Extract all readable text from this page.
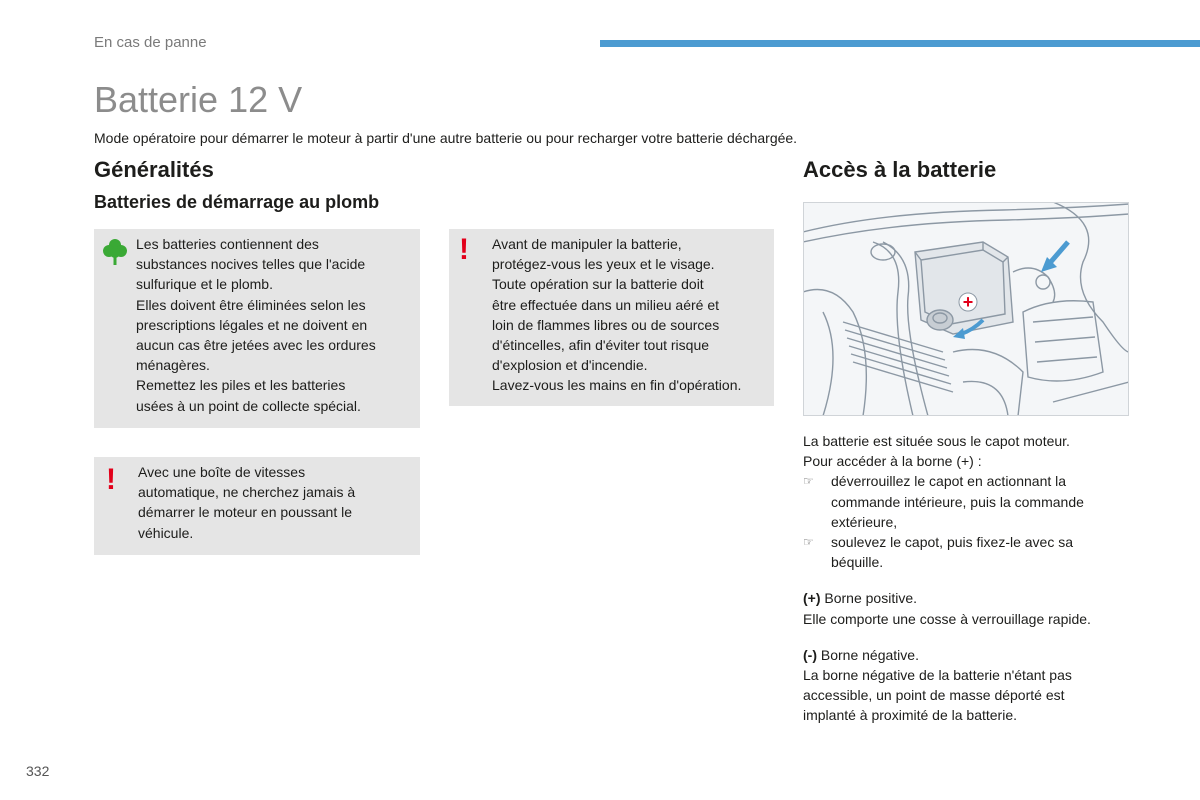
En cas de panne
Batterie 12 V
Mode opératoire pour démarrer le moteur à partir d'une autre batterie ou pour recharger votre batterie déchargée.
Généralités
Batteries de démarrage au plomb
Accès à la batterie
Les batteries contiennent des
substances nocives telles que l'acide
sulfurique et le plomb.
Elles doivent être éliminées selon les
prescriptions légales et ne doivent en
aucun cas être jetées avec les ordures
ménagères.
Remettez les piles et les batteries
usées à un point de collecte spécial.
! Avant de manipuler la batterie,
protégez-vous les yeux et le visage.
Toute opération sur la batterie doit
être effectuée dans un milieu aéré et
loin de flammes libres ou de sources
d'étincelles, afin d'éviter tout risque
d'explosion et d'incendie.
Lavez-vous les mains en fin d'opération.
! Avec une boîte de vitesses
automatique, ne cherchez jamais à
démarrer le moteur en poussant le
véhicule.
+
La batterie est située sous le capot moteur.
Pour accéder à la borne (+) :
☞	déverrouillez le capot en actionnant la
commande intérieure, puis la commande
extérieure,
☞	soulevez le capot, puis fixez-le avec sa
béquille.
(+) Borne positive.
Elle comporte une cosse à verrouillage rapide.
(-) Borne négative.
La borne négative de la batterie n'étant pas
accessible, un point de masse déporté est
implanté à proximité de la batterie.
332
